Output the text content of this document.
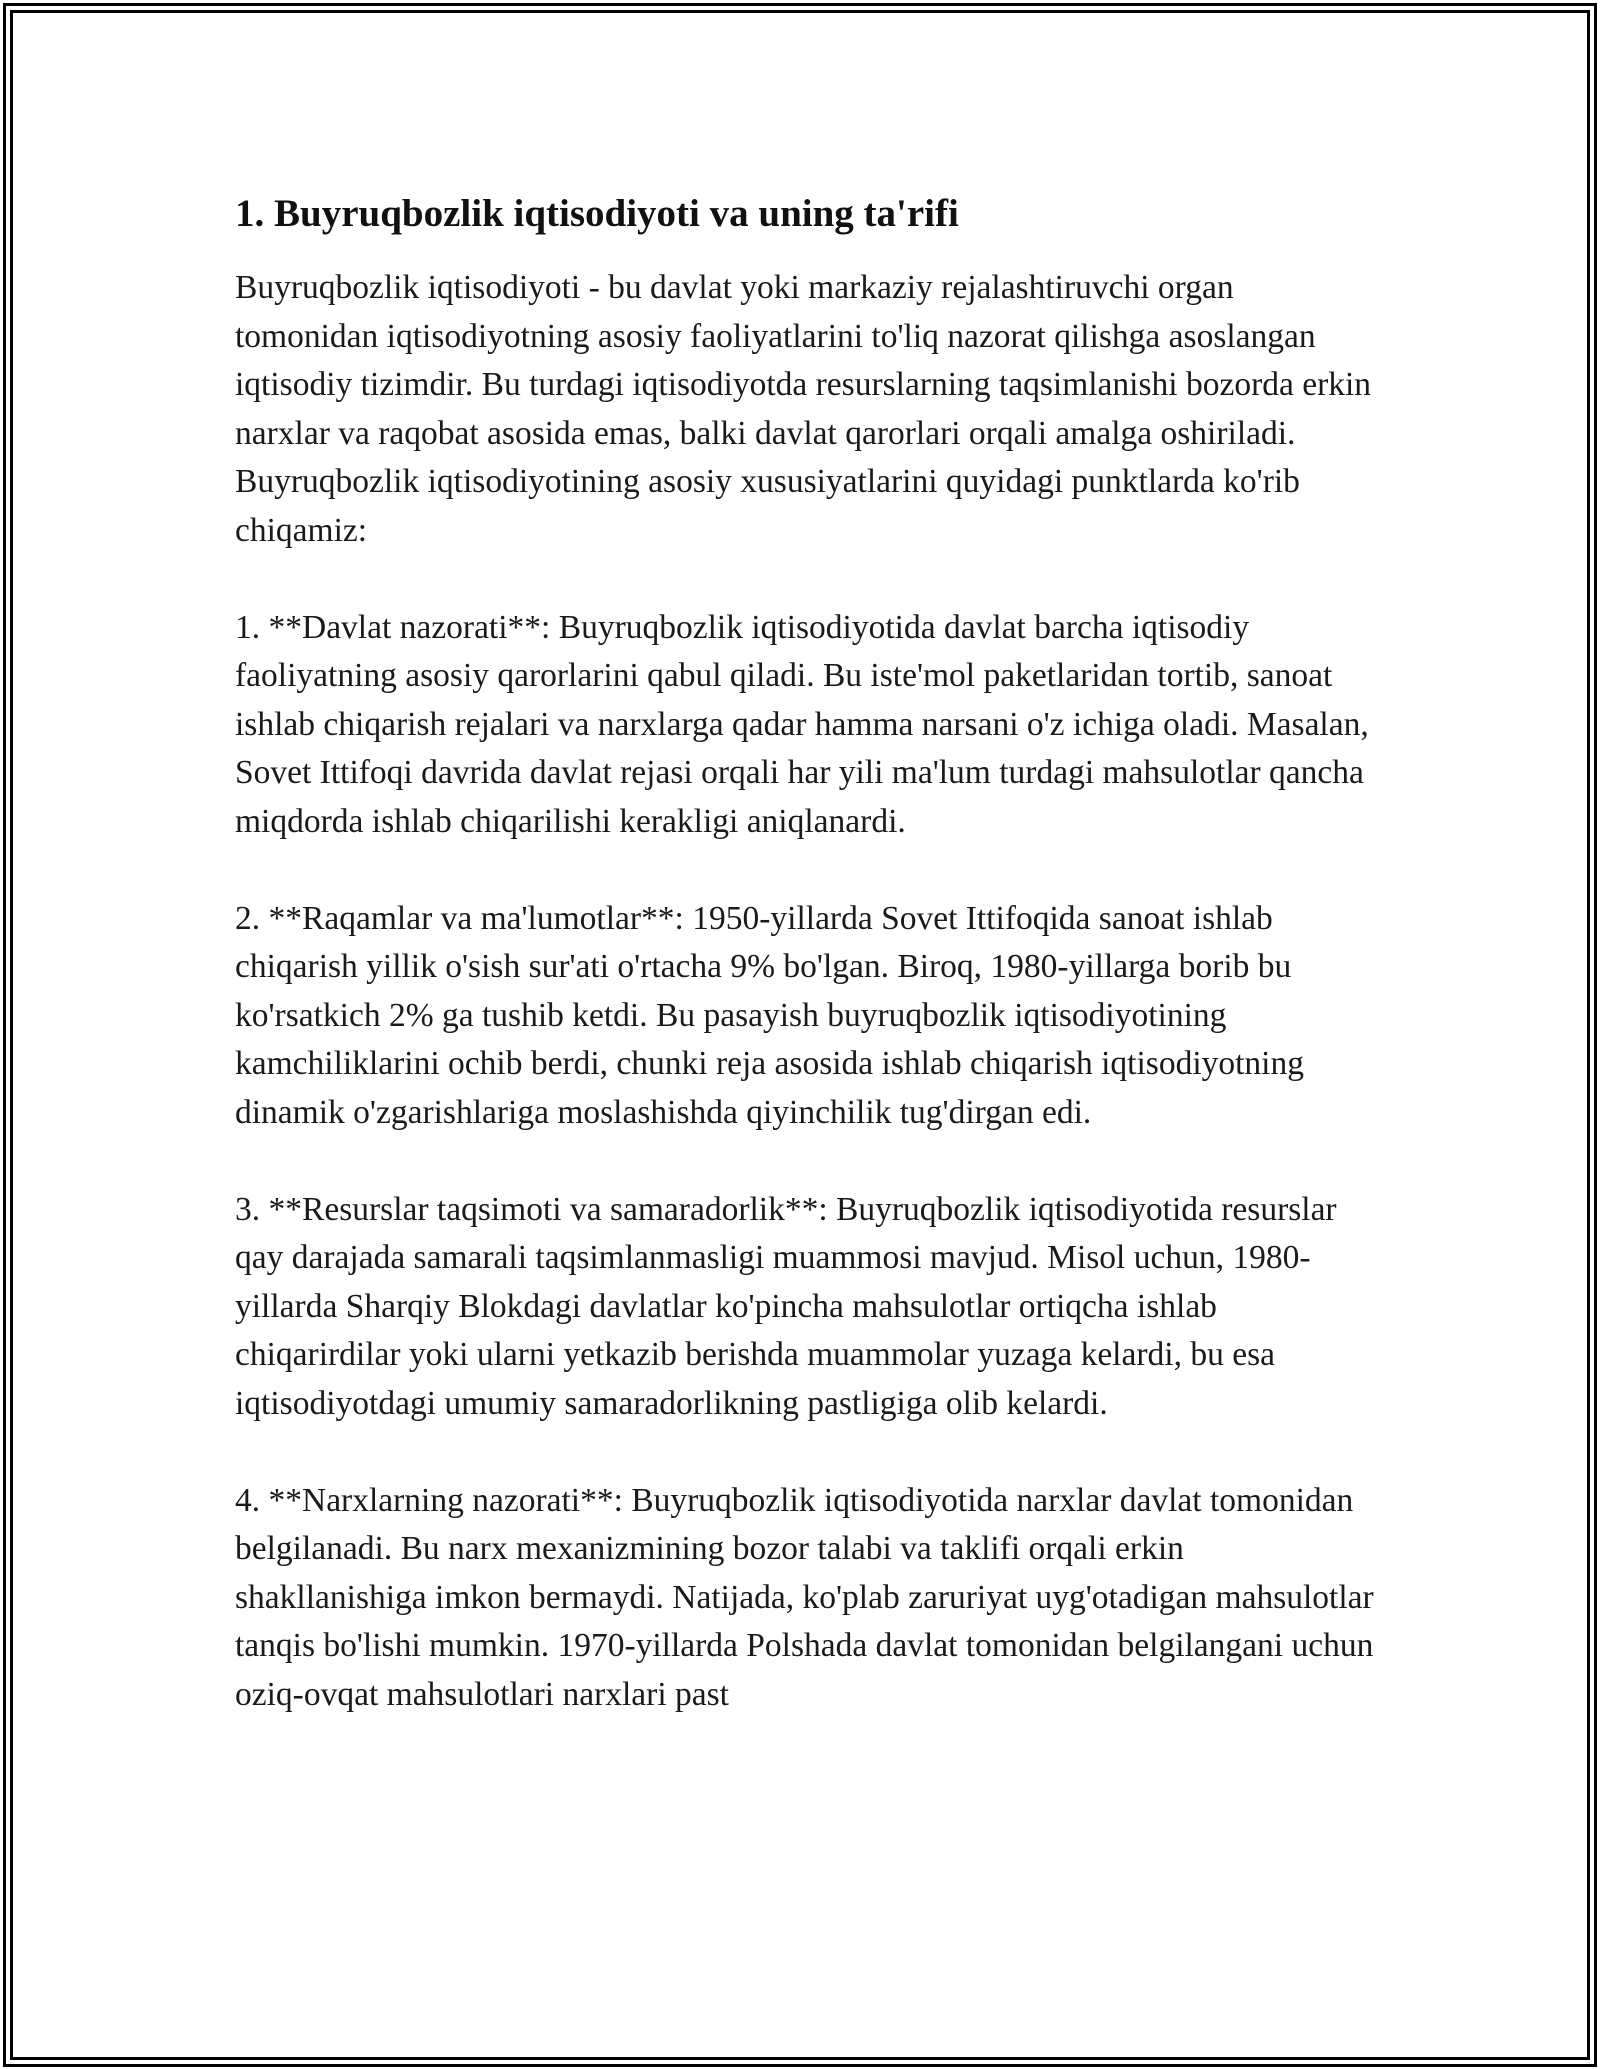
1. Buyruqbozlik iqtisodiyoti va uning ta'rifi

Buyruqbozlik iqtisodiyoti - bu davlat yoki markaziy rejalashtiruvchi organ tomonidan iqtisodiyotning asosiy faoliyatlarini to'liq nazorat qilishga asoslangan iqtisodiy tizimdir. Bu turdagi iqtisodiyotda resurslarning taqsimlanishi bozorda erkin narxlar va raqobat asosida emas, balki davlat qarorlari orqali amalga oshiriladi. Buyruqbozlik iqtisodiyotining asosiy xususiyatlarini quyidagi punktlarda ko'rib chiqamiz:

1. **Davlat nazorati**: Buyruqbozlik iqtisodiyotida davlat barcha iqtisodiy faoliyatning asosiy qarorlarini qabul qiladi. Bu iste'mol paketlaridan tortib, sanoat ishlab chiqarish rejalari va narxlarga qadar hamma narsani o'z ichiga oladi. Masalan, Sovet Ittifoqi davrida davlat rejasi orqali har yili ma'lum turdagi mahsulotlar qancha miqdorda ishlab chiqarilishi kerakligi aniqlanardi.

2. **Raqamlar va ma'lumotlar**: 1950-yillarda Sovet Ittifoqida sanoat ishlab chiqarish yillik o'sish sur'ati o'rtacha 9% bo'lgan. Biroq, 1980-yillarga borib bu ko'rsatkich 2% ga tushib ketdi. Bu pasayish buyruqbozlik iqtisodiyotining kamchiliklarini ochib berdi, chunki reja asosida ishlab chiqarish iqtisodiyotning dinamik o'zgarishlariga moslashishda qiyinchilik tug'dirgan edi.

3. **Resurslar taqsimoti va samaradorlik**: Buyruqbozlik iqtisodiyotida resurslar qay darajada samarali taqsimlanmasligi muammosi mavjud. Misol uchun, 1980-yillarda Sharqiy Blokdagi davlatlar ko'pincha mahsulotlar ortiqcha ishlab chiqarirdilar yoki ularni yetkazib berishda muammolar yuzaga kelardi, bu esa iqtisodiyotdagi umumiy samaradorlikning pastligiga olib kelardi.

4. **Narxlarning nazorati**: Buyruqbozlik iqtisodiyotida narxlar davlat tomonidan belgilanadi. Bu narx mexanizmining bozor talabi va taklifi orqali erkin shakllanishiga imkon bermaydi. Natijada, ko'plab zaruriyat uyg'otadigan mahsulotlar tanqis bo'lishi mumkin. 1970-yillarda Polshada davlat tomonidan belgilangani uchun oziq-ovqat mahsulotlari narxlari past
